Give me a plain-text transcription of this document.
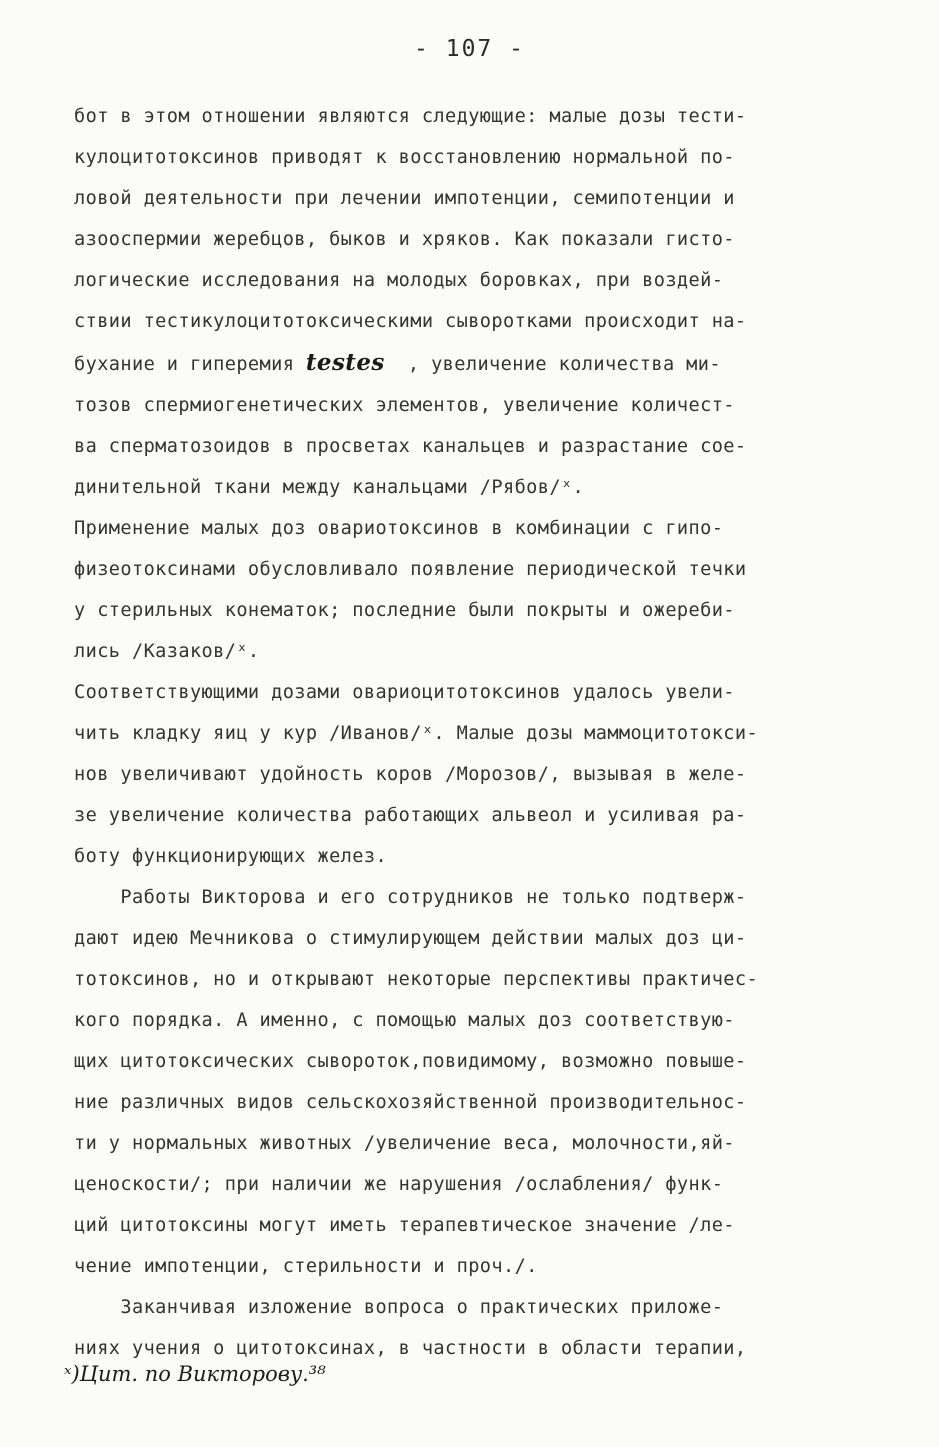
- 107 -
бот в этом отношении являются следующие: малые дозы тести-
кулоцитотоксинов приводят к восстановлению нормальной по-
ловой деятельности при лечении импотенции, семипотенции и
азооспермии жеребцов, быков и хряков. Как показали гисто-
логические исследования на молодых боровках, при воздей-
ствии тестикулоцитотоксическими сыворотками происходит на-
бухание и гиперемия testes  , увеличение количества ми-
тозов спермиогенетических элементов, увеличение количест-
ва сперматозоидов в просветах канальцев и разрастание сое-
динительной ткани между канальцами /Рябов/ˣ.
Применение малых доз овариотоксинов в комбинации с гипо-
физеотоксинами обусловливало появление периодической течки
у стерильных конематок; последние были покрыты и ожереби-
лись /Казаков/ˣ.
Соответствующими дозами овариоцитотоксинов удалось увели-
чить кладку яиц у кур /Иванов/ˣ. Малые дозы маммоцитотокси-
нов увеличивают удойность коров /Морозов/, вызывая в желе-
зе увеличение количества работающих альвеол и усиливая ра-
боту функционирующих желез.
Работы Викторова и его сотрудников не только подтверж-
дают идею Мечникова о стимулирующем действии малых доз ци-
тотоксинов, но и открывают некоторые перспективы практичес-
кого порядка. А именно, с помощью малых доз соответствую-
щих цитотоксических сывороток,повидимому, возможно повыше-
ние различных видов сельскохозяйственной производительнос-
ти у нормальных животных /увеличение веса, молочности,яй-
ценоскости/; при наличии же нарушения /ослабления/ функ-
ций цитотоксины могут иметь терапевтическое значение /ле-
чение импотенции, стерильности и проч./.
Заканчивая изложение вопроса о практических приложе-
ниях учения о цитотоксинах, в частности в области терапии,
ˣ)Цит. по Викторову.³⁸
